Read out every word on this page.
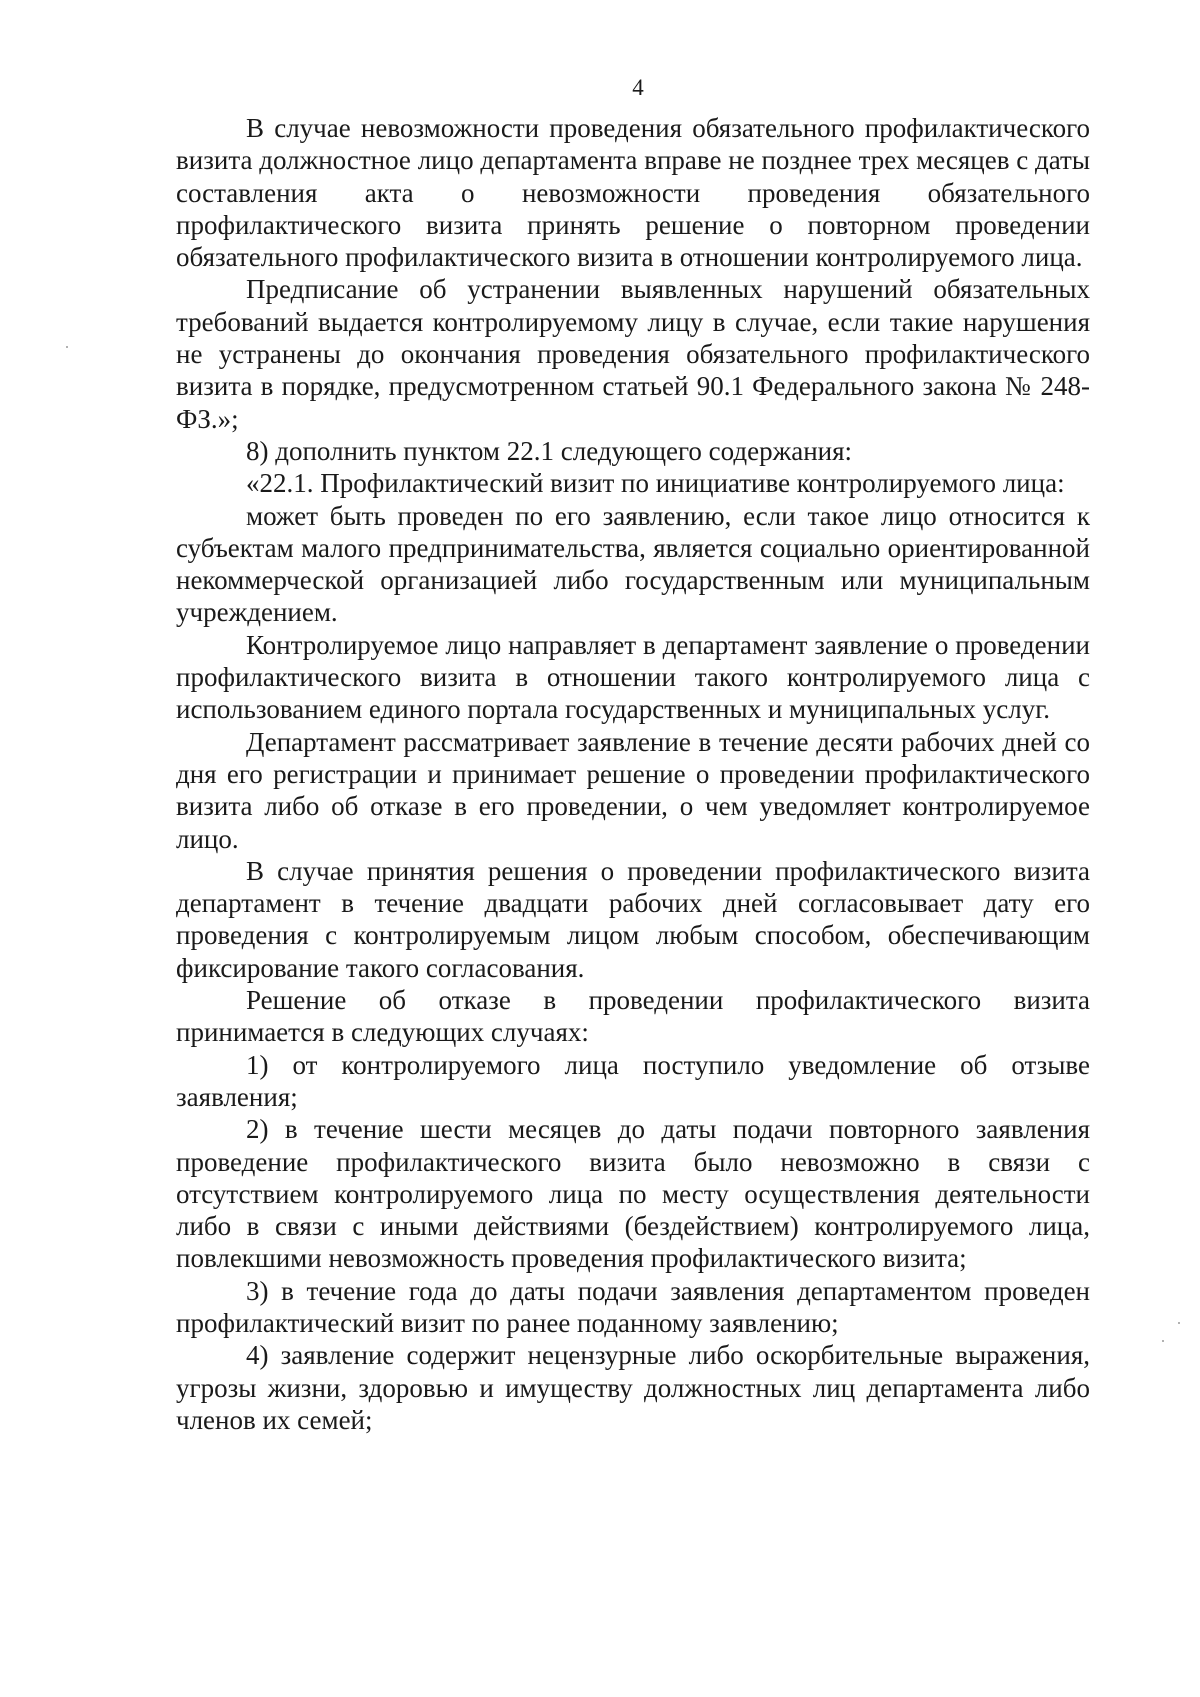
4

В случае невозможности проведения обязательного профилактического визита должностное лицо департамента вправе не позднее трех месяцев с даты составления акта о невозможности проведения обязательного профилактического визита принять решение о повторном проведении обязательного профилактического визита в отношении контролируемого лица.

Предписание об устранении выявленных нарушений обязательных требований выдается контролируемому лицу в случае, если такие нарушения не устранены до окончания проведения обязательного профилактического визита в порядке, предусмотренном статьей 90.1 Федерального закона № 248-ФЗ.»;

8) дополнить пунктом 22.1 следующего содержания:

«22.1. Профилактический визит по инициативе контролируемого лица:

может быть проведен по его заявлению, если такое лицо относится к субъектам малого предпринимательства, является социально ориентированной некоммерческой организацией либо государственным или муниципальным учреждением.

Контролируемое лицо направляет в департамент заявление о проведении профилактического визита в отношении такого контролируемого лица с использованием единого портала государственных и муниципальных услуг.

Департамент рассматривает заявление в течение десяти рабочих дней со дня его регистрации и принимает решение о проведении профилактического визита либо об отказе в его проведении, о чем уведомляет контролируемое лицо.

В случае принятия решения о проведении профилактического визита департамент в течение двадцати рабочих дней согласовывает дату его проведения с контролируемым лицом любым способом, обеспечивающим фиксирование такого согласования.

Решение об отказе в проведении профилактического визита принимается в следующих случаях:

1) от контролируемого лица поступило уведомление об отзыве заявления;

2) в течение шести месяцев до даты подачи повторного заявления проведение профилактического визита было невозможно в связи с отсутствием контролируемого лица по месту осуществления деятельности либо в связи с иными действиями (бездействием) контролируемого лица, повлекшими невозможность проведения профилактического визита;

3) в течение года до даты подачи заявления департаментом проведен профилактический визит по ранее поданному заявлению;

4) заявление содержит нецензурные либо оскорбительные выражения, угрозы жизни, здоровью и имуществу должностных лиц департамента либо членов их семей;
